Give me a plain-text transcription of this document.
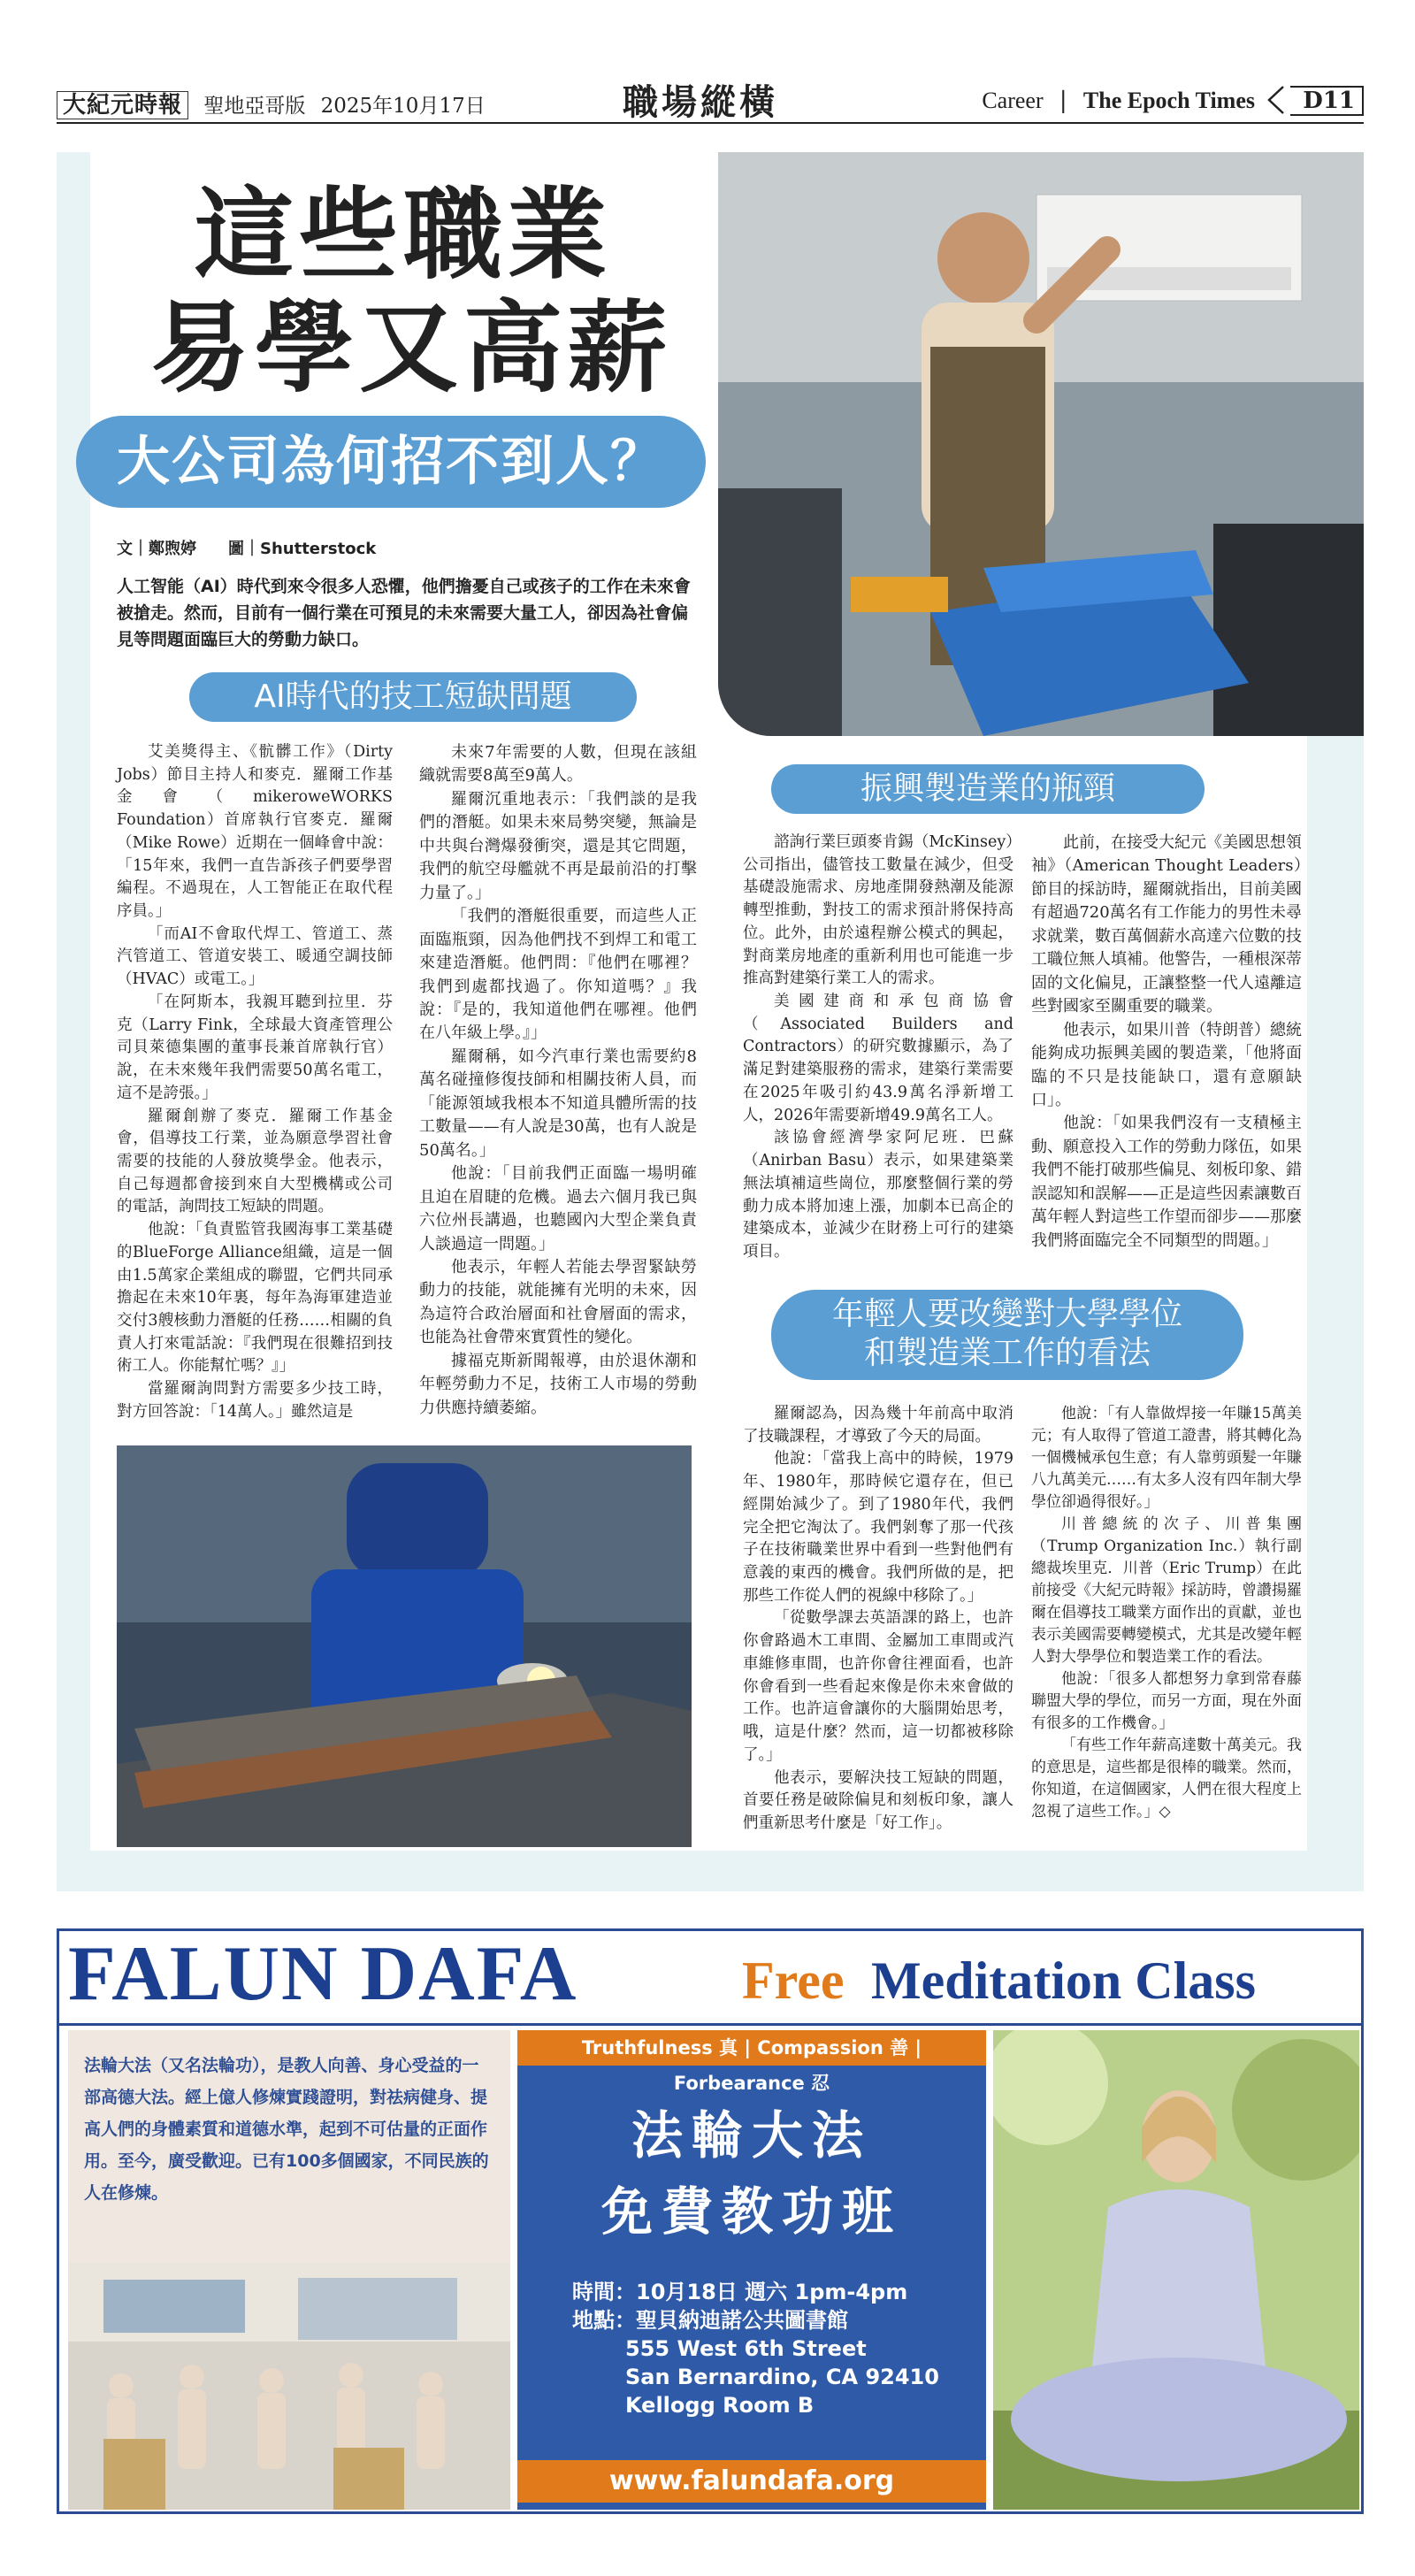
大紀元時報 聖地亞哥版 2025年10月17日	職場縱橫	Career | The Epoch Times D11
這些職業
易學又高薪
大公司為何招不到人？
文｜鄭煦婷　　圖｜Shutterstock
人工智能（AI）時代到來令很多人恐懼，他們擔憂自己或孩子的工作在未來會被搶走。然而，目前有一個行業在可預見的未來需要大量工人，卻因為社會偏見等問題面臨巨大的勞動力缺口。
AI時代的技工短缺問題
振興製造業的瓶頸
年輕人要改變對大學學位
和製造業工作的看法

艾美獎得主、《骯髒工作》（Dirty Jobs）節目主持人和麥克．羅爾工作基金會（mikeroweWORKS Foundation）首席執行官麥克．羅爾（Mike Rowe）近期在一個峰會中說：「15年來，我們一直告訴孩子們要學習編程。不過現在，人工智能正在取代程序員。」

「而AI不會取代焊工、管道工、蒸汽管道工、管道安裝工、暖通空調技師（HVAC）或電工。」

「在阿斯本，我親耳聽到拉里．芬克（Larry Fink，全球最大資產管理公司貝萊德集團的董事長兼首席執行官）說，在未來幾年我們需要50萬名電工，這不是誇張。」

羅爾創辦了麥克．羅爾工作基金會，倡導技工行業，並為願意學習社會需要的技能的人發放獎學金。他表示，自己每週都會接到來自大型機構或公司的電話，詢問技工短缺的問題。

他說：「負責監管我國海事工業基礎的BlueForge Alliance組織，這是一個由1.5萬家企業組成的聯盟，它們共同承擔起在未來10年裏，每年為海軍建造並交付3艘核動力潛艇的任務……相關的負責人打來電話說：『我們現在很難招到技術工人。你能幫忙嗎？』」

當羅爾詢問對方需要多少技工時，對方回答說：「14萬人。」雖然這是

未來7年需要的人數，但現在該組織就需要8萬至9萬人。

羅爾沉重地表示：「我們談的是我們的潛艇。如果未來局勢突變，無論是中共與台灣爆發衝突，還是其它問題，我們的航空母艦就不再是最前沿的打擊力量了。」

「我們的潛艇很重要，而這些人正面臨瓶頸，因為他們找不到焊工和電工來建造潛艇。他們問：『他們在哪裡？我們到處都找過了。你知道嗎？』我說：『是的，我知道他們在哪裡。他們在八年級上學。』」

羅爾稱，如今汽車行業也需要約8萬名碰撞修復技師和相關技術人員，而「能源領域我根本不知道具體所需的技工數量——有人說是30萬，也有人說是50萬名。」

他說：「目前我們正面臨一場明確且迫在眉睫的危機。過去六個月我已與六位州長講過，也聽國內大型企業負責人談過這一問題。」

他表示，年輕人若能去學習緊缺勞動力的技能，就能擁有光明的未來，因為這符合政治層面和社會層面的需求，也能為社會帶來實質性的變化。

據福克斯新聞報導，由於退休潮和年輕勞動力不足，技術工人市場的勞動力供應持續萎縮。

諮詢行業巨頭麥肯錫（McKinsey）公司指出，儘管技工數量在減少，但受基礎設施需求、房地產開發熱潮及能源轉型推動，對技工的需求預計將保持高位。此外，由於遠程辦公模式的興起，對商業房地產的重新利用也可能進一步推高對建築行業工人的需求。

美國建商和承包商協會（Associated Builders and Contractors）的研究數據顯示，為了滿足對建築服務的需求，建築行業需要在2025年吸引約43.9萬名淨新增工人，2026年需要新增49.9萬名工人。

該協會經濟學家阿尼班．巴蘇（Anirban Basu）表示，如果建築業無法填補這些崗位，那麼整個行業的勞動力成本將加速上漲，加劇本已高企的建築成本，並減少在財務上可行的建築項目。

此前，在接受大紀元《美國思想領袖》（American Thought Leaders）節目的採訪時，羅爾就指出，目前美國有超過720萬名有工作能力的男性未尋求就業，數百萬個薪水高達六位數的技工職位無人填補。他警告，一種根深蒂固的文化偏見，正讓整整一代人遠離這些對國家至關重要的職業。

他表示，如果川普（特朗普）總統能夠成功振興美國的製造業，「他將面臨的不只是技能缺口，還有意願缺口」。

他說：「如果我們沒有一支積極主動、願意投入工作的勞動力隊伍，如果我們不能打破那些偏見、刻板印象、錯誤認知和誤解——正是這些因素讓數百萬年輕人對這些工作望而卻步——那麼我們將面臨完全不同類型的問題。」

羅爾認為，因為幾十年前高中取消了技職課程，才導致了今天的局面。

他說：「當我上高中的時候，1979年、1980年，那時候它還存在，但已經開始減少了。到了1980年代，我們完全把它淘汰了。我們剝奪了那一代孩子在技術職業世界中看到一些對他們有意義的東西的機會。我們所做的是，把那些工作從人們的視線中移除了。」

「從數學課去英語課的路上，也許你會路過木工車間、金屬加工車間或汽車維修車間，也許你會往裡面看，也許你會看到一些看起來像是你未來會做的工作。也許這會讓你的大腦開始思考，哦，這是什麼？然而，這一切都被移除了。」

他表示，要解決技工短缺的問題，首要任務是破除偏見和刻板印象，讓人們重新思考什麼是「好工作」。

他說：「有人靠做焊接一年賺15萬美元；有人取得了管道工證書，將其轉化為一個機械承包生意；有人靠剪頭髮一年賺八九萬美元……有太多人沒有四年制大學學位卻過得很好。」

川普總統的次子、川普集團（Trump Organization Inc.）執行副總裁埃里克．川普（Eric Trump）在此前接受《大紀元時報》採訪時，曾讚揚羅爾在倡導技工職業方面作出的貢獻，並也表示美國需要轉變模式，尤其是改變年輕人對大學學位和製造業工作的看法。

他說：「很多人都想努力拿到常春藤聯盟大學的學位，而另一方面，現在外面有很多的工作機會。」

「有些工作年薪高達數十萬美元。我的意思是，這些都是很棒的職業。然而，你知道，在這個國家，人們在很大程度上忽視了這些工作。」◇

FALUN DAFA	Free Meditation Class
法輪大法（又名法輪功），是教人向善、身心受益的一部高德大法。經上億人修煉實踐證明，對祛病健身、提高人們的身體素質和道德水準，起到不可估量的正面作用。至今，廣受歡迎。已有100多個國家，不同民族的人在修煉。
Truthfulness 真 | Compassion 善 | Forbearance 忍
法輪大法
免費教功班
時間：10月18日 週六 1pm-4pm
地點：聖貝納迪諾公共圖書館
555 West 6th Street
San Bernardino, CA 92410
Kellogg Room B
www.falundafa.org
